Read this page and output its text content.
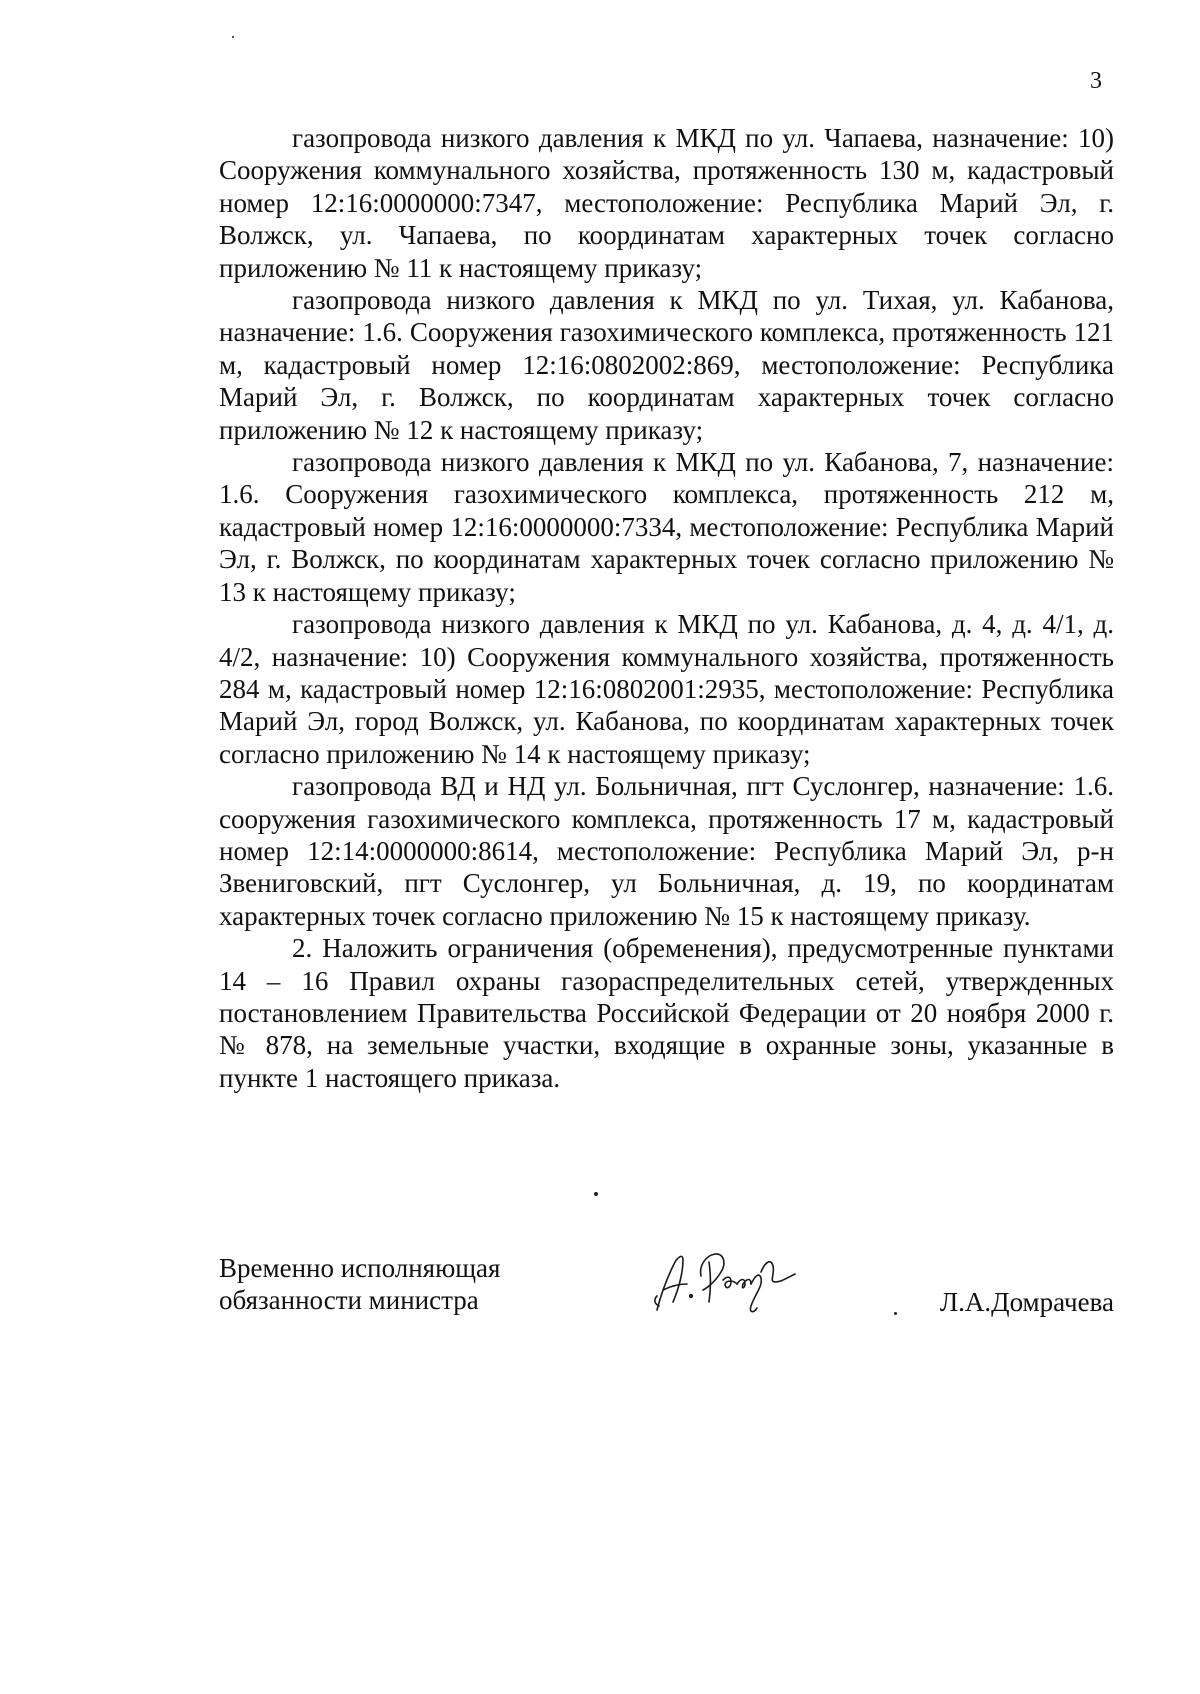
3

газопровода низкого давления к МКД по ул. Чапаева, назначение: 10) Сооружения коммунального хозяйства, протяженность 130 м, кадастровый номер 12:16:0000000:7347, местоположение: Республика Марий Эл, г. Волжск, ул. Чапаева, по координатам характерных точек согласно приложению № 11 к настоящему приказу;

газопровода низкого давления к МКД по ул. Тихая, ул. Кабанова, назначение: 1.6. Сооружения газохимического комплекса, протяженность 121 м, кадастровый номер 12:16:0802002:869, местоположение: Республика Марий Эл, г. Волжск, по координатам характерных точек согласно приложению № 12 к настоящему приказу;

газопровода низкого давления к МКД по ул. Кабанова, 7, назначение: 1.6. Сооружения газохимического комплекса, протяженность 212 м, кадастровый номер 12:16:0000000:7334, местоположение: Республика Марий Эл, г. Волжск, по координатам характерных точек согласно приложению № 13 к настоящему приказу;

газопровода низкого давления к МКД по ул. Кабанова, д. 4, д. 4/1, д. 4/2, назначение: 10) Сооружения коммунального хозяйства, протяженность 284 м, кадастровый номер 12:16:0802001:2935, местоположение: Республика Марий Эл, город Волжск, ул. Кабанова, по координатам характерных точек согласно приложению № 14 к настоящему приказу;

газопровода ВД и НД ул. Больничная, пгт Суслонгер, назначение: 1.6. сооружения газохимического комплекса, протяженность 17 м, кадастровый номер 12:14:0000000:8614, местоположение: Республика Марий Эл, р-н Звениговский, пгт Суслонгер, ул Больничная, д. 19, по координатам характерных точек согласно приложению № 15 к настоящему приказу.

2. Наложить ограничения (обременения), предусмотренные пунктами 14 – 16 Правил охраны газораспределительных сетей, утвержденных постановлением Правительства Российской Федерации от 20 ноября 2000 г. № 878, на земельные участки, входящие в охранные зоны, указанные в пункте 1 настоящего приказа.

Временно исполняющая
обязанности министра	Л.А.Домрачева
